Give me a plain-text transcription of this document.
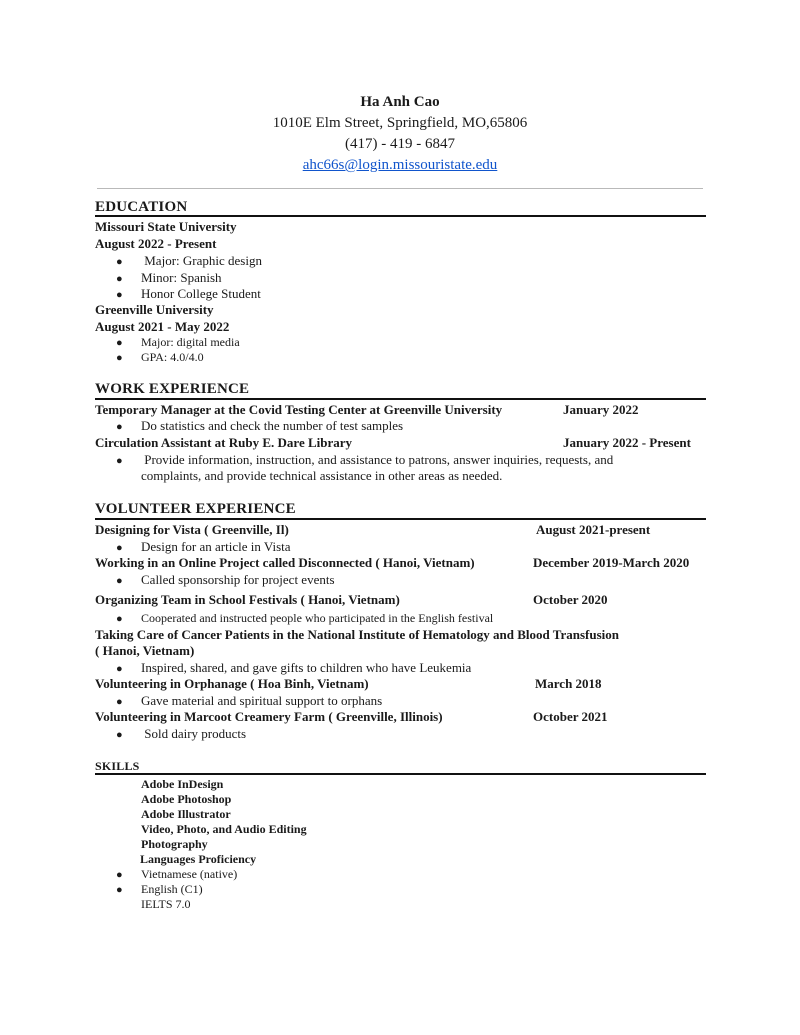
Ha Anh Cao
1010E Elm Street, Springfield, MO,65806
(417) - 419 - 6847
ahc66s@login.missouristate.edu
EDUCATION
Missouri State University
August 2022 - Present
● Major: Graphic design
● Minor: Spanish
● Honor College Student
Greenville University
August 2021 - May 2022
● Major: digital media
● GPA: 4.0/4.0
WORK EXPERIENCE
Temporary Manager at the Covid Testing Center at Greenville University	January 2022
● Do statistics and check the number of test samples
Circulation Assistant at Ruby E. Dare Library	January 2022 - Present
● Provide information, instruction, and assistance to patrons, answer inquiries, requests, and
complaints, and provide technical assistance in other areas as needed.
VOLUNTEER EXPERIENCE
Designing for Vista ( Greenville, Il)	August 2021-present
● Design for an article in Vista
Working in an Online Project called Disconnected ( Hanoi, Vietnam)	December 2019-March 2020
● Called sponsorship for project events
Organizing Team in School Festivals ( Hanoi, Vietnam)	October 2020
● Cooperated and instructed people who participated in the English festival
Taking Care of Cancer Patients in the National Institute of Hematology and Blood Transfusion
( Hanoi, Vietnam)
● Inspired, shared, and gave gifts to children who have Leukemia
Volunteering in Orphanage ( Hoa Binh, Vietnam)	March 2018
● Gave material and spiritual support to orphans
Volunteering in Marcoot Creamery Farm ( Greenville, Illinois)	October 2021
● Sold dairy products
SKILLS
Adobe InDesign
Adobe Photoshop
Adobe Illustrator
Video, Photo, and Audio Editing
Photography
Languages Proficiency
● Vietnamese (native)
● English (C1)
IELTS 7.0
